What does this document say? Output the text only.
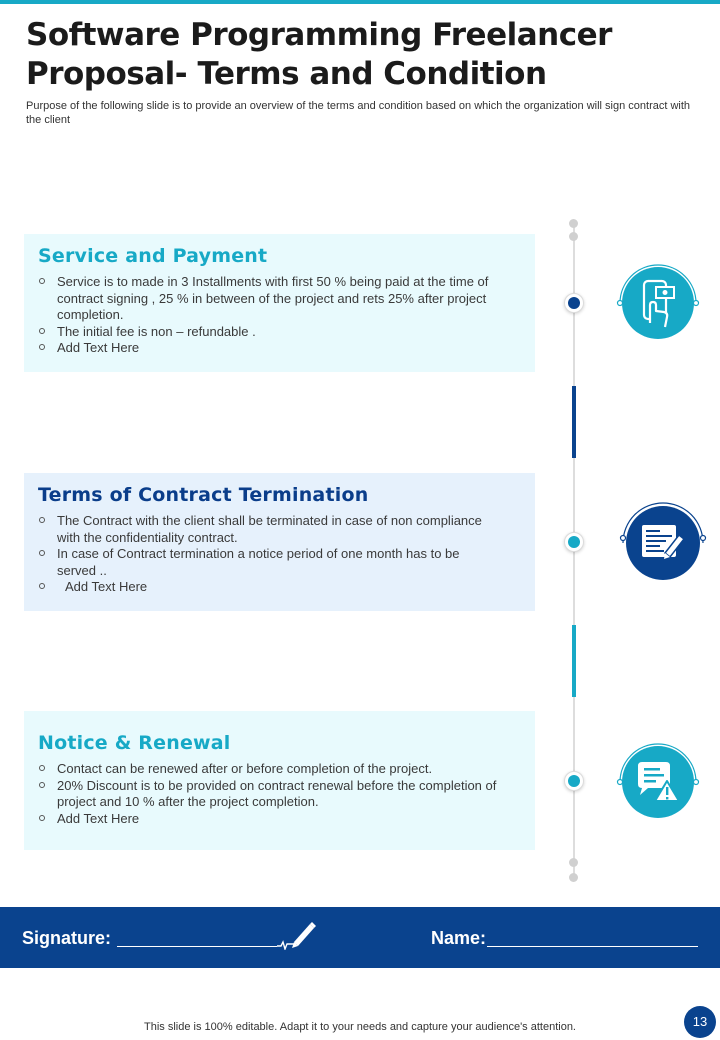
Software Programming Freelancer Proposal- Terms and Condition

Purpose of the following slide is to provide an overview of the terms and condition based on which the organization will sign contract with the client

Service and Payment
Service is to made in 3 Installments with first 50 % being paid at the time of contract signing , 25 % in between of the project and rets 25% after project completion.
The initial fee is non – refundable .
Add Text Here
Terms of Contract Termination
The Contract with the client shall be terminated in case of non compliance with the confidentiality contract.
In case of Contract termination a notice period of one month has to be served ..
Add Text Here
Notice & Renewal
Contact can be renewed after or before completion of the project.
20% Discount is to be provided on contract renewal before the completion of project and 10 % after the project completion.
Add Text Here
Signature:	Name:
This slide is 100% editable. Adapt it to your needs and capture your audience's attention.	13
